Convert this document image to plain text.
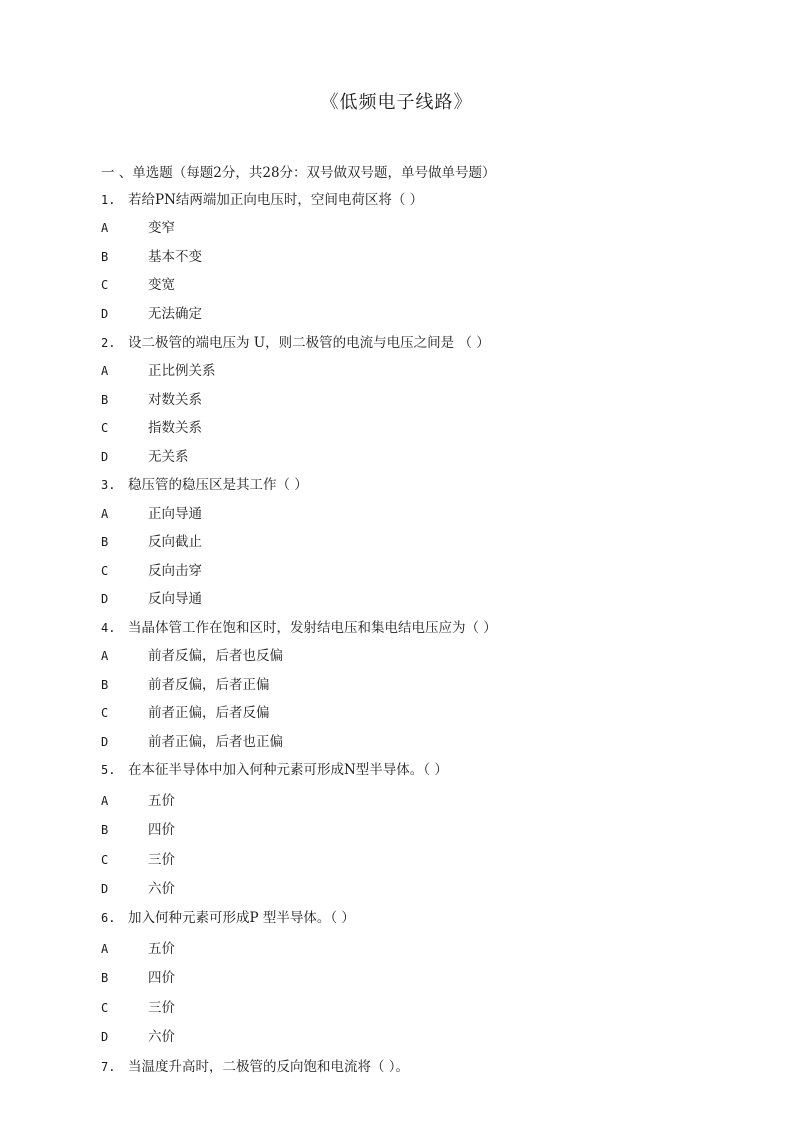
《低频电子线路》
一 、单选题（每题2分，共28分：双号做双号题，单号做单号题）
1. 若给PN结两端加正向电压时，空间电荷区将（ ）
A	变窄
B	基本不变
C	变宽
D	无法确定
2. 设二极管的端电压为 U，则二极管的电流与电压之间是 （ ）
A	正比例关系
B	对数关系
C	指数关系
D	无关系
3. 稳压管的稳压区是其工作（ ）
A	正向导通
B	反向截止
C	反向击穿
D	反向导通
4. 当晶体管工作在饱和区时，发射结电压和集电结电压应为（ ）
A	前者反偏，后者也反偏
B	前者反偏，后者正偏
C	前者正偏，后者反偏
D	前者正偏，后者也正偏
5. 在本征半导体中加入何种元素可形成N型半导体。（ ）
A	五价
B	四价
C	三价
D	六价
6. 加入何种元素可形成P 型半导体。（ ）
A	五价
B	四价
C	三价
D	六价
7. 当温度升高时，二极管的反向饱和电流将（ ）。
